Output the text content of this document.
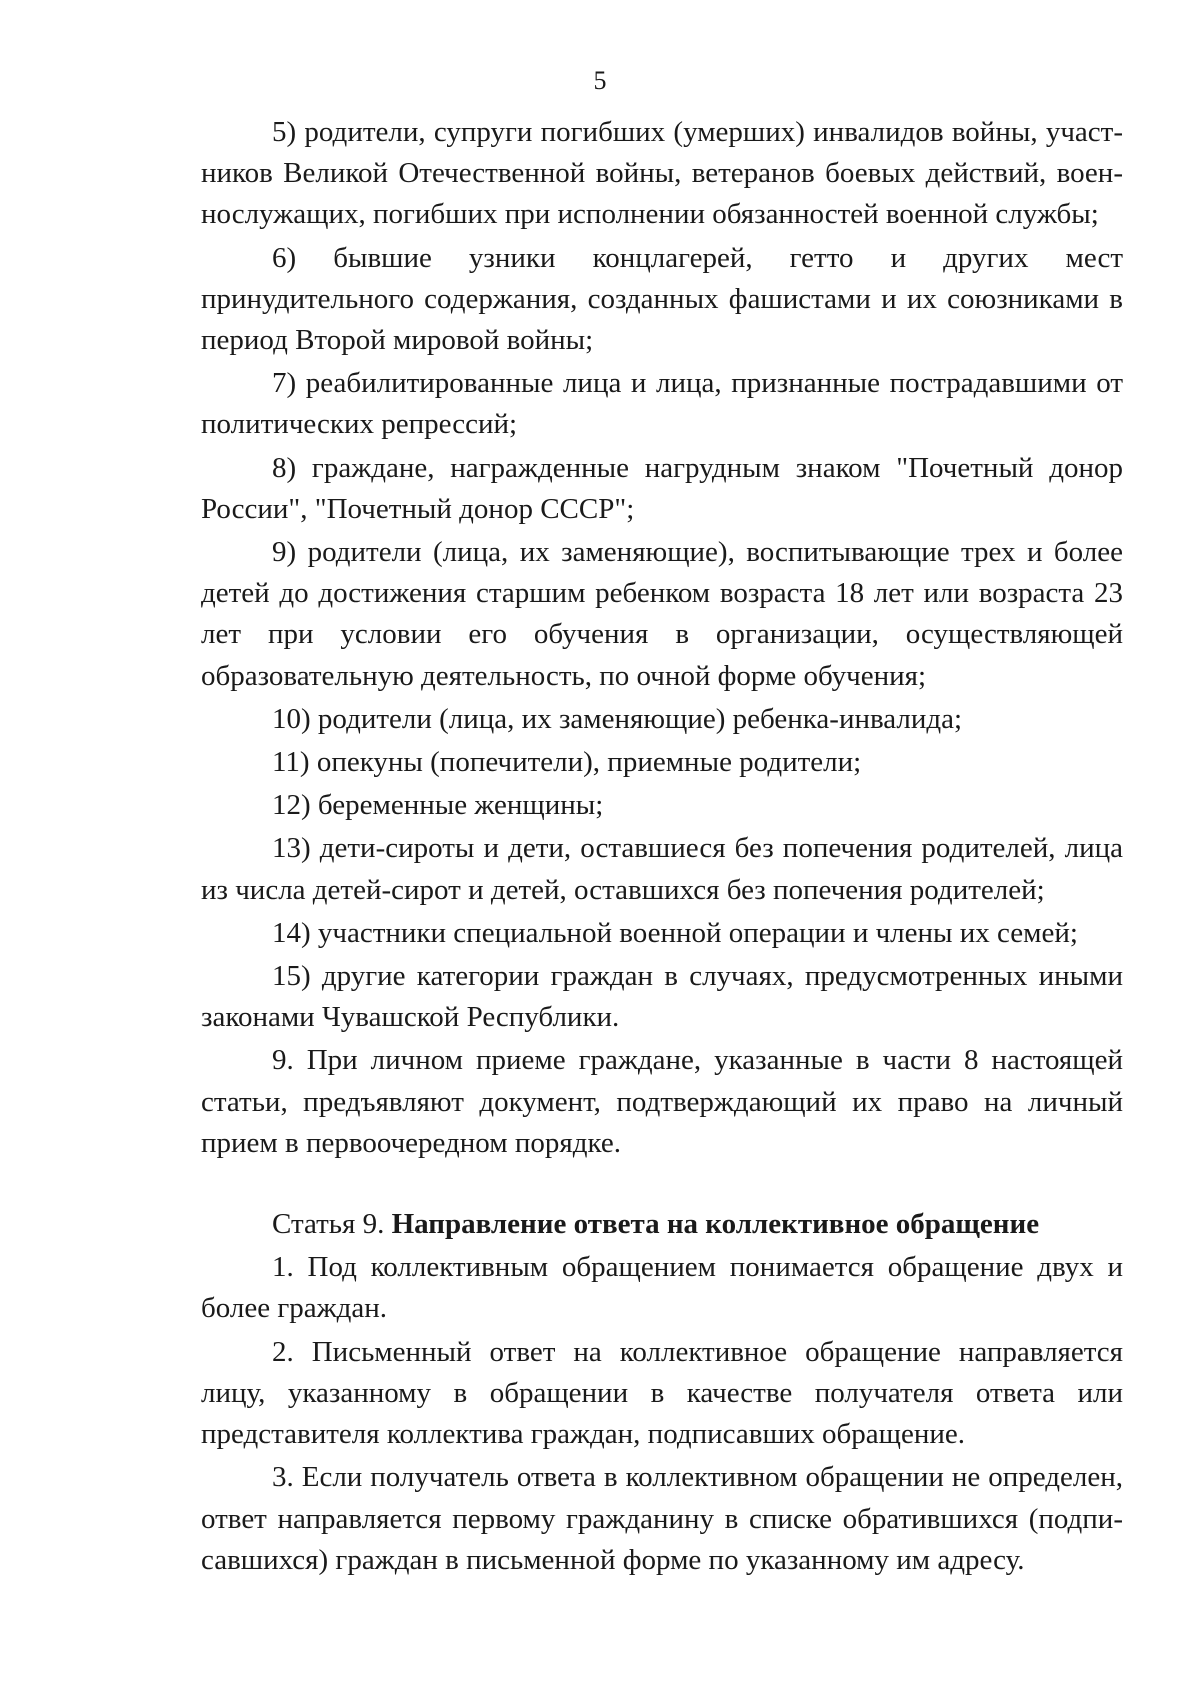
5

5) родители, супруги погибших (умерших) инвалидов войны, участников Великой Отечественной войны, ветеранов боевых действий, военнослужащих, погибших при исполнении обязанностей военной службы;

6) бывшие узники концлагерей, гетто и других мест принудительного содержания, созданных фашистами и их союзниками в период Второй мировой войны;

7) реабилитированные лица и лица, признанные пострадавшими от политических репрессий;

8) граждане, награжденные нагрудным знаком "Почетный донор России", "Почетный донор СССР";

9) родители (лица, их заменяющие), воспитывающие трех и более детей до достижения старшим ребенком возраста 18 лет или возраста 23 лет при условии его обучения в организации, осуществляющей образовательную деятельность, по очной форме обучения;

10) родители (лица, их заменяющие) ребенка-инвалида;

11) опекуны (попечители), приемные родители;

12) беременные женщины;

13) дети-сироты и дети, оставшиеся без попечения родителей, лица из числа детей-сирот и детей, оставшихся без попечения родителей;

14) участники специальной военной операции и члены их семей;

15) другие категории граждан в случаях, предусмотренных иными законами Чувашской Республики.

9. При личном приеме граждане, указанные в части 8 настоящей статьи, предъявляют документ, подтверждающий их право на личный прием в первоочередном порядке.

Статья 9. Направление ответа на коллективное обращение

1. Под коллективным обращением понимается обращение двух и более граждан.

2. Письменный ответ на коллективное обращение направляется лицу, указанному в обращении в качестве получателя ответа или представителя коллектива граждан, подписавших обращение.

3. Если получатель ответа в коллективном обращении не определен, ответ направляется первому гражданину в списке обратившихся (подписавшихся) граждан в письменной форме по указанному им адресу.
